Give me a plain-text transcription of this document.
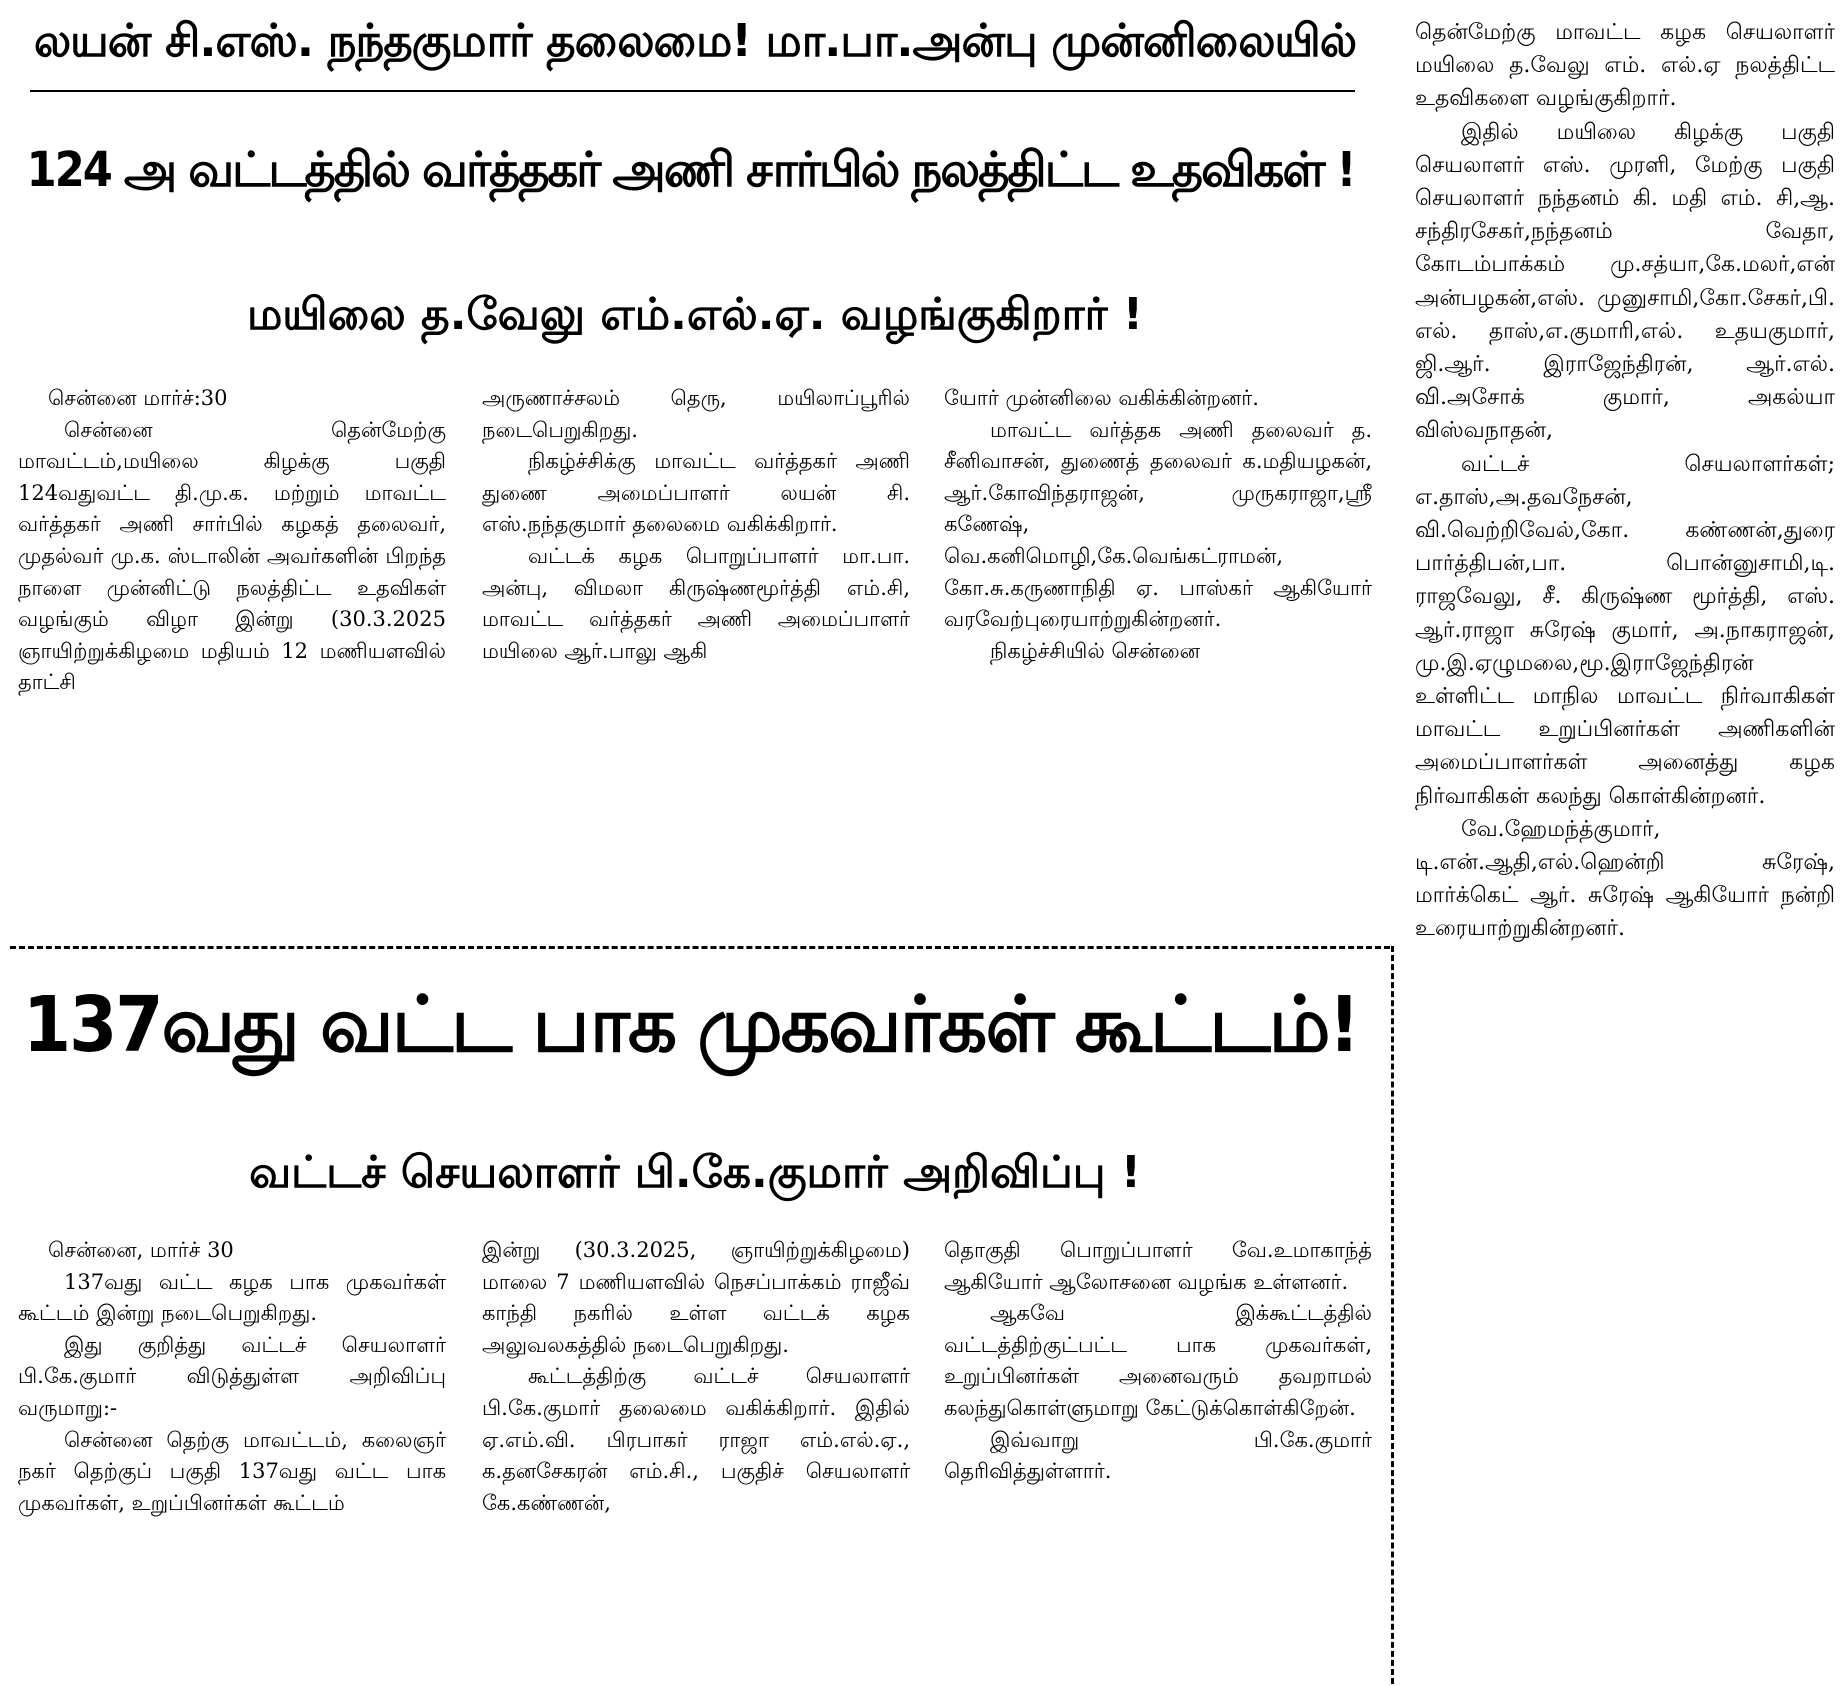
லயன் சி.எஸ். நந்தகுமார் தலைமை! மா.பா.அன்பு முன்னிலையில்
124 அ வட்டத்தில் வர்த்தகர் அணி சார்பில் நலத்திட்ட உதவிகள் !
மயிலை த.வேலு எம்.எல்.ஏ. வழங்குகிறார் !

சென்னை மார்ச்:30

சென்னை தென்மேற்கு மாவட்டம்,மயிலை கிழக்கு பகுதி 124வதுவட்ட தி.மு.க. மற்றும் மாவட்ட வர்த்தகர் அணி சார்பில் கழகத் தலைவர், முதல்வர் மு.க. ஸ்டாலின் அவர்களின் பிறந்த நாளை முன்னிட்டு நலத்திட்ட உதவிகள் வழங்கும் விழா இன்று (30.3.2025 ஞாயிற்றுக்கிழமை மதியம் 12 மணியளவில் தாட்சி

அருணாச்சலம் தெரு, மயிலாப்பூரில் நடைபெறுகிறது.

நிகழ்ச்சிக்கு மாவட்ட வர்த்தகர் அணி துணை அமைப்பாளர் லயன் சி. எஸ்.நந்தகுமார் தலைமை வகிக்கிறார்.

வட்டக் கழக பொறுப்பாளர் மா.பா. அன்பு, விமலா கிருஷ்ணமூர்த்தி எம்.சி, மாவட்ட வர்த்தகர் அணி அமைப்பாளர் மயிலை ஆர்.பாலு ஆகி

யோர் முன்னிலை வகிக்கின்றனர்.

மாவட்ட வர்த்தக அணி தலைவர் த. சீனிவாசன், துணைத் தலைவர் க.மதியழகன், ஆர்.கோவிந்தராஜன், முருகராஜா,ஸ்ரீ கணேஷ், வெ.கனிமொழி,கே.வெங்கட்ராமன், கோ.சு.கருணாநிதி ஏ. பாஸ்கர் ஆகியோர் வரவேற்புரையாற்றுகின்றனர்.

நிகழ்ச்சியில் சென்னை

தென்மேற்கு மாவட்ட கழக செயலாளர் மயிலை த.வேலு எம். எல்.ஏ நலத்திட்ட உதவிகளை வழங்குகிறார்.

இதில் மயிலை கிழக்கு பகுதி செயலாளர் எஸ். முரளி, மேற்கு பகுதி செயலாளர் நந்தனம் கி. மதி எம். சி,ஆ. சந்திரசேகர்,நந்தனம் வேதா, கோடம்பாக்கம் மு.சத்யா,கே.மலர்,என் அன்பழகன்,எஸ். முனுசாமி,கோ.சேகர்,பி. எல். தாஸ்,எ.குமாரி,எல். உதயகுமார், ஜி.ஆர். இராஜேந்திரன், ஆர்.எல். வி.அசோக் குமார், அகல்யா விஸ்வநாதன்,

வட்டச் செயலாளர்கள்; எ.தாஸ்,அ.தவநேசன், வி.வெற்றிவேல்,கோ. கண்ணன்,துரை பார்த்திபன்,பா. பொன்னுசாமி,டி. ராஜவேலு, சீ. கிருஷ்ண மூர்த்தி, எஸ். ஆர்.ராஜா சுரேஷ் குமார், அ.நாகராஜன், மு.இ.ஏழுமலை,மூ.இராஜேந்திரன் உள்ளிட்ட மாநில மாவட்ட நிர்வாகிகள் மாவட்ட உறுப்பினர்கள் அணிகளின் அமைப்பாளர்கள் அனைத்து கழக நிர்வாகிகள் கலந்து கொள்கின்றனர்.

வே.ஹேமந்த்குமார், டி.என்.ஆதி,எல்.ஹென்றி சுரேஷ், மார்க்கெட் ஆர். சுரேஷ் ஆகியோர் நன்றி உரையாற்றுகின்றனர்.

137வது வட்ட பாக முகவர்கள் கூட்டம்!
வட்டச் செயலாளர் பி.கே.குமார் அறிவிப்பு !

சென்னை, மார்ச் 30

137வது வட்ட கழக பாக முகவர்கள் கூட்டம் இன்று நடைபெறுகிறது.

இது குறித்து வட்டச் செயலாளர் பி.கே.குமார் விடுத்துள்ள அறிவிப்பு வருமாறு:-

சென்னை தெற்கு மாவட்டம், கலைஞர் நகர் தெற்குப் பகுதி 137வது வட்ட பாக முகவர்கள், உறுப்பினர்கள் கூட்டம்

இன்று (30.3.2025, ஞாயிற்றுக்கிழமை) மாலை 7 மணியளவில் நெசப்பாக்கம் ராஜீவ் காந்தி நகரில் உள்ள வட்டக் கழக அலுவலகத்தில் நடைபெறுகிறது.

கூட்டத்திற்கு வட்டச் செயலாளர் பி.கே.குமார் தலைமை வகிக்கிறார். இதில் ஏ.எம்.வி. பிரபாகர் ராஜா எம்.எல்.ஏ., க.தனசேகரன் எம்.சி., பகுதிச் செயலாளர் கே.கண்ணன்,

தொகுதி பொறுப்பாளர் வே.உமாகாந்த் ஆகியோர் ஆலோசனை வழங்க உள்ளனர்.

ஆகவே இக்கூட்டத்தில் வட்டத்திற்குட்பட்ட பாக முகவர்கள், உறுப்பினர்கள் அனைவரும் தவறாமல் கலந்துகொள்ளுமாறு கேட்டுக்கொள்கிறேன்.

இவ்வாறு பி.கே.குமார் தெரிவித்துள்ளார்.
